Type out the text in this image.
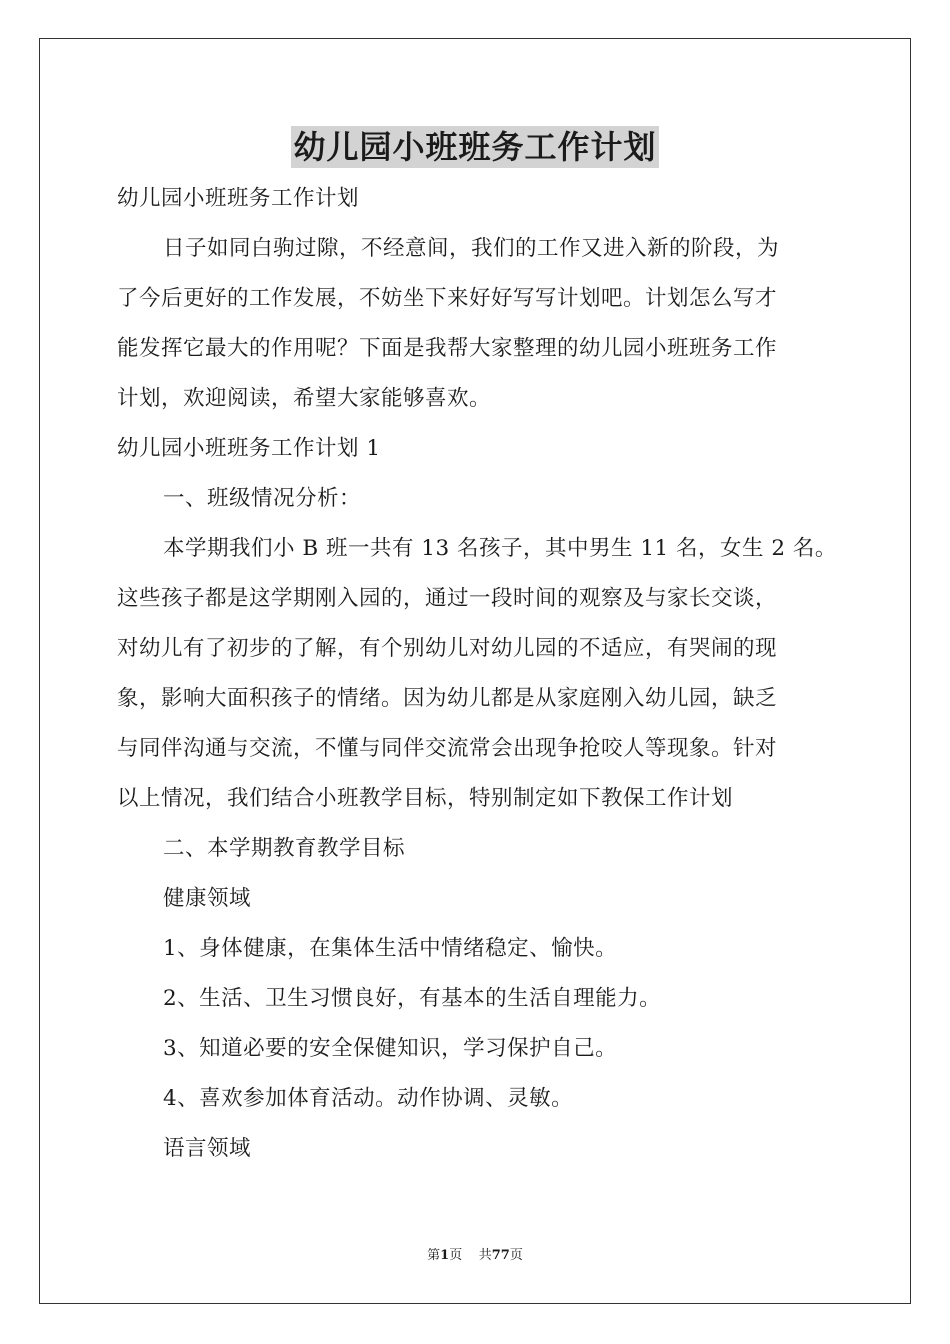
幼儿园小班班务工作计划
幼儿园小班班务工作计划
日子如同白驹过隙，不经意间，我们的工作又进入新的阶段，为
了今后更好的工作发展，不妨坐下来好好写写计划吧。计划怎么写才
能发挥它最大的作用呢？下面是我帮大家整理的幼儿园小班班务工作
计划，欢迎阅读，希望大家能够喜欢。
幼儿园小班班务工作计划 1
一、班级情况分析：
本学期我们小 B 班一共有 13 名孩子，其中男生 11 名，女生 2 名。
这些孩子都是这学期刚入园的，通过一段时间的观察及与家长交谈，
对幼儿有了初步的了解，有个别幼儿对幼儿园的不适应，有哭闹的现
象，影响大面积孩子的情绪。因为幼儿都是从家庭刚入幼儿园，缺乏
与同伴沟通与交流，不懂与同伴交流常会出现争抢咬人等现象。针对
以上情况，我们结合小班教学目标，特别制定如下教保工作计划
二、本学期教育教学目标
健康领域
1、身体健康，在集体生活中情绪稳定、愉快。
2、生活、卫生习惯良好，有基本的生活自理能力。
3、知道必要的安全保健知识，学习保护自己。
4、喜欢参加体育活动。动作协调、灵敏。
语言领域
第1页 共77页
